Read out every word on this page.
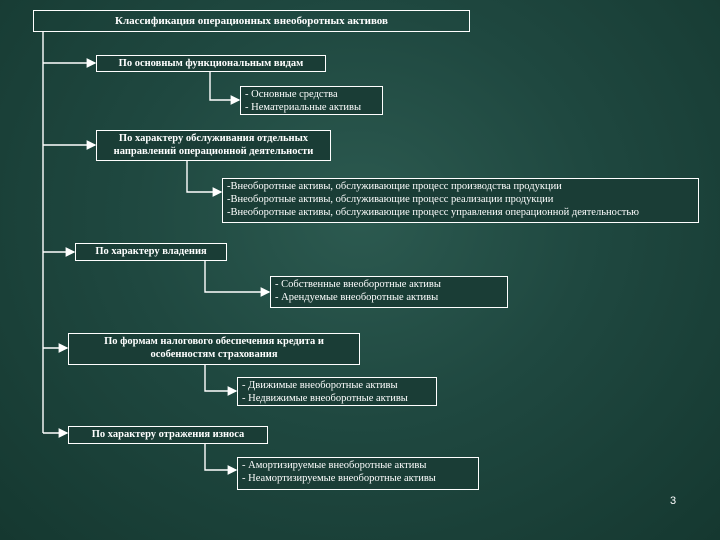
Классификация операционных внеоборотных активов
По основным функциональным видам
- Основные средства
- Нематериальные активы
По характеру обслуживания отдельных направлений операционной деятельности
-Внеоборотные активы, обслуживающие процесс производства продукции
-Внеоборотные активы, обслуживающие процесс реализации продукции
-Внеоборотные активы, обслуживающие процесс управления операционной деятельностью
По характеру владения
- Собственные внеоборотные активы
- Арендуемые внеоборотные активы
По формам налогового обеспечения кредита и особенностям страхования
- Движимые внеоборотные активы
- Недвижимые внеоборотные активы
По характеру отражения износа
- Амортизируемые внеоборотные активы
- Неамортизируемые внеоборотные активы
3
